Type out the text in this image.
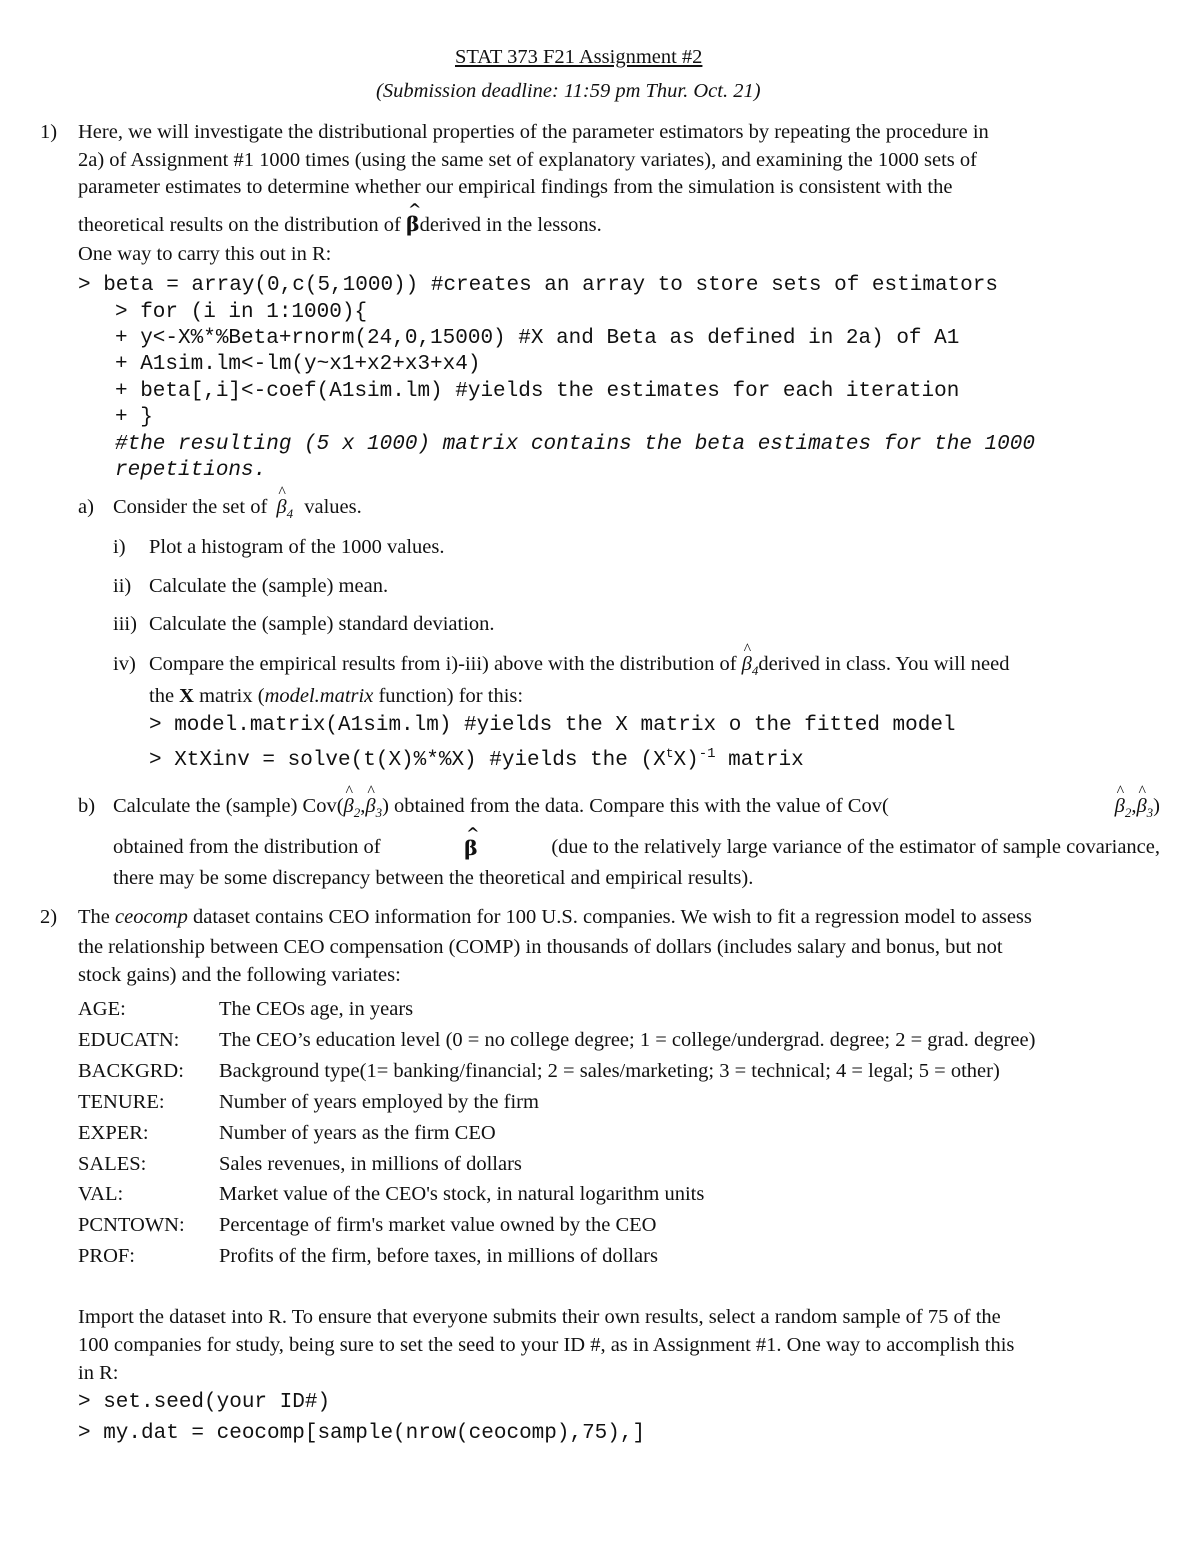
STAT 373 F21 Assignment #2
(Submission deadline: 11:59 pm Thur. Oct. 21)
1) Here, we will investigate the distributional properties of the parameter estimators by repeating the procedure in
2a) of Assignment #1 1000 times (using the same set of explanatory variates), and examining the 1000 sets of
parameter estimates to determine whether our empirical findings from the simulation is consistent with the
theoretical results on the distribution of ^ βderived in the lessons.
One way to carry this out in R:
> beta = array(0,c(5,1000)) #creates an array to store sets of estimators
> for (i in 1:1000){
+ y<-X%*%Beta+rnorm(24,0,15000) #X and Beta as defined in 2a) of A1
+ A1sim.lm<-lm(y~x1+x2+x3+x4)
+ beta[,i]<-coef(A1sim.lm) #yields the estimates for each iteration
+ }
#the resulting (5 x 1000) matrix contains the beta estimates for the 1000
repetitions.
a) Consider the set of ^ $\beta_4$ values.
i) Plot a histogram of the 1000 values.
ii) Calculate the (sample) mean.
iii) Calculate the (sample) standard deviation.
iv) Compare the empirical results from i)-iii) above with the distribution of ^ $\beta_4derived$ in class. You will need
the X matrix (model.matrix function) for this:
> model.matrix(A1sim.lm) #yields the X matrix o the fitted model
> XtXinv = solve(t(X)%*%X) #yields the $(X^tX)^{-1}$ matrix
b) Calculate the (sample) Cov(^ $\beta_2,\^{}$ $\beta_3$) obtained from the data. Compare this with the value of Cov(	^ $\beta_2,\^{}$ $\beta_3$)
obtained from the distribution of	^ β	(due to the relatively large variance of the estimator of sample covariance,
there may be some discrepancy between the theoretical and empirical results).
2) The ceocomp dataset contains CEO information for 100 U.S. companies. We wish to fit a regression model to assess
the relationship between CEO compensation (COMP) in thousands of dollars (includes salary and bonus, but not
stock gains) and the following variates:
AGE:	The CEOs age, in years
EDUCATN: The CEO’s education level (0 = no college degree; 1 = college/undergrad. degree; 2 = grad. degree)
BACKGRD: Background type(1= banking/financial; 2 = sales/marketing; 3 = technical; 4 = legal; 5 = other)
TENURE:	Number of years employed by the firm
EXPER:	Number of years as the firm CEO
SALES:	Sales revenues, in millions of dollars
VAL:	Market value of the CEO's stock, in natural logarithm units
PCNTOWN: Percentage of firm's market value owned by the CEO
PROF:	Profits of the firm, before taxes, in millions of dollars
Import the dataset into R. To ensure that everyone submits their own results, select a random sample of 75 of the
100 companies for study, being sure to set the seed to your ID #, as in Assignment #1. One way to accomplish this
in R:
> set.seed(your ID#)
> my.dat = ceocomp[sample(nrow(ceocomp),75),]
